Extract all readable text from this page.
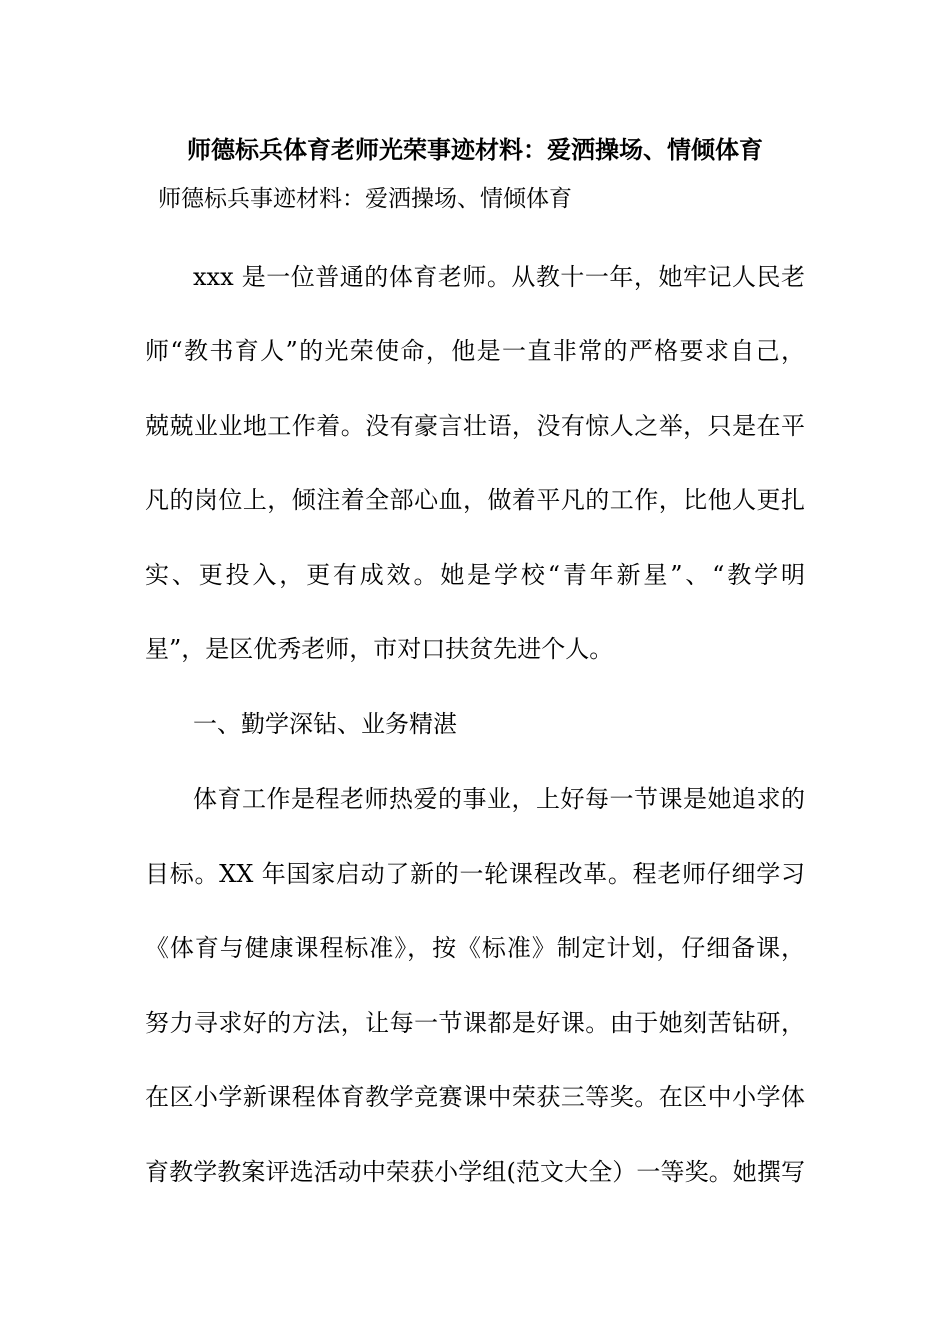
师德标兵体育老师光荣事迹材料：爱洒操场、情倾体育

师德标兵事迹材料：爱洒操场、情倾体育

xxx 是一位普通的体育老师。从教十一年，她牢记人民老

师“教书育人”的光荣使命，他是一直非常的严格要求自己，

兢兢业业地工作着。没有豪言壮语，没有惊人之举，只是在平

凡的岗位上，倾注着全部心血，做着平凡的工作，比他人更扎

实、更投入，更有成效。她是学校“青年新星”、“教学明

星”，是区优秀老师，市对口扶贫先进个人。

一、勤学深钻、业务精湛

体育工作是程老师热爱的事业，上好每一节课是她追求的

目标。XX 年国家启动了新的一轮课程改革。程老师仔细学习

《体育与健康课程标准》，按《标准》制定计划，仔细备课，

努力寻求好的方法，让每一节课都是好课。由于她刻苦钻研，

在区小学新课程体育教学竞赛课中荣获三等奖。在区中小学体

育教学教案评选活动中荣获小学组(范文大全）一等奖。她撰写
